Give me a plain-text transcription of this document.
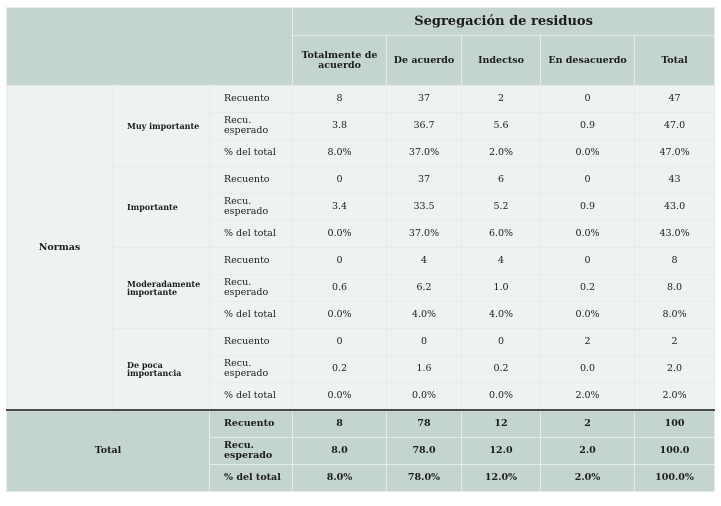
			Segregación de residuos				
			Totalmente de acuerdo	De acuerdo	Indectso	En desacuerdo	Total
Normas	Muy importante	Recuento	8	37	2	0	47
		Recu. esperado	3.8	36.7	5.6	0.9	47.0
		% del total	8.0%	37.0%	2.0%	0.0%	47.0%
	Importante	Recuento	0	37	6	0	43
		Recu. esperado	3.4	33.5	5.2	0.9	43.0
		% del total	0.0%	37.0%	6.0%	0.0%	43.0%
	Moderadamente importante	Recuento	0	4	4	0	8
		Recu. esperado	0.6	6.2	1.0	0.2	8.0
		% del total	0.0%	4.0%	4.0%	0.0%	8.0%
	De poca importancia	Recuento	0	0	0	2	2
		Recu. esperado	0.2	1.6	0.2	0.0	2.0
		% del total	0.0%	0.0%	0.0%	2.0%	2.0%
Total		Recuento	8	78	12	2	100
		Recu. esperado	8.0	78.0	12.0	2.0	100.0
		% del total	8.0%	78.0%	12.0%	2.0%	100.0%
